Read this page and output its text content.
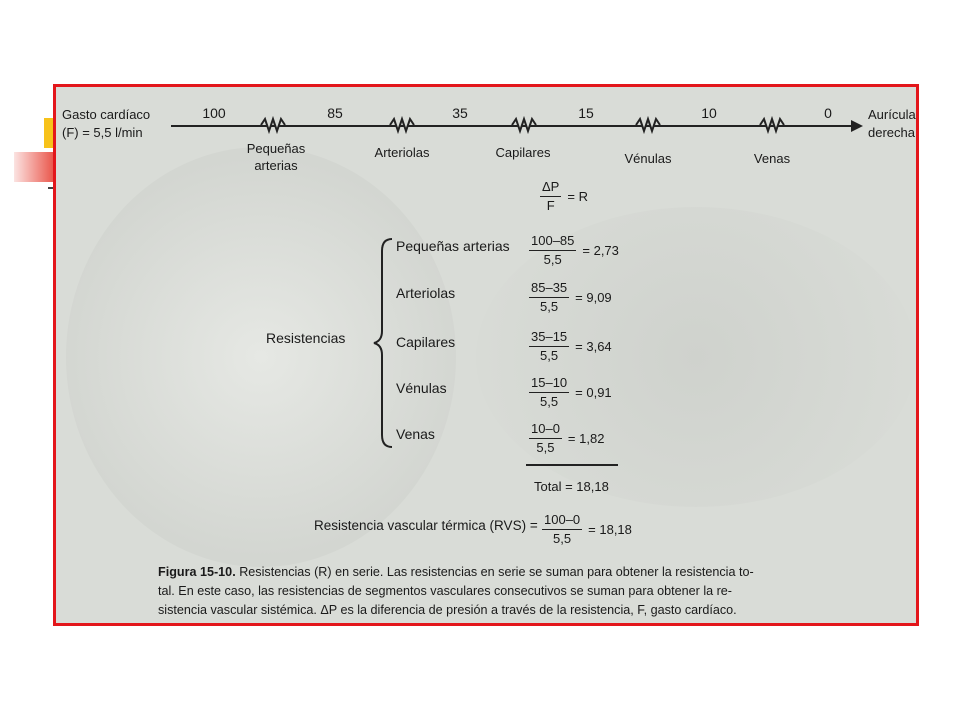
Gasto cardíaco
(F) = 5,5 l/min
100	85	35	15	10	0	Aurícula
derecha
Pequeñas arterias
Arteriolas	Capilares	Vénulas	Venas
$\frac{\Delta P}{F} = R$
Resistencias
Pequeñas arterias $\frac{100-85}{5,5} = 2,73$
Arteriolas	$\frac{85-35}{5,5} = 9,09$
Capilares	$\frac{35-15}{5,5} = 3,64$
Vénulas	$\frac{15-10}{5,5} = 0,91$
Venas	$\frac{10-0}{5,5} = 1,82$
Total = 18,18
Resistencia vascular térmica $(RVS) = \frac{100-0}{5,5} = 18,18$
Figura 15-10. Resistencias (R) en serie. Las resistencias en serie se suman para obtener la resistencia to-
tal. En este caso, las resistencias de segmentos vasculares consecutivos se suman para obtener la re-
sistencia vascular sistémica. ΔP es la diferencia de presión a través de la resistencia, F, gasto cardíaco.
